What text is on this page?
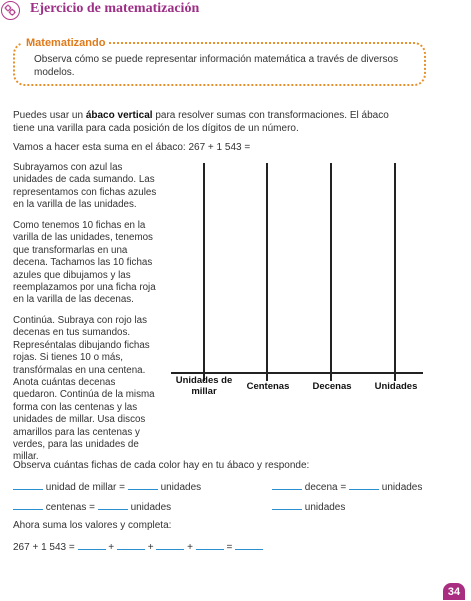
Ejercicio de matematización
Matematizando
Observa cómo se puede representar información matemática a través de diversos modelos.
Puedes usar un ábaco vertical para resolver sumas con transformaciones. El ábaco tiene una varilla para cada posición de los dígitos de un número.
Vamos a hacer esta suma en el ábaco: 267 + 1 543 =
Subrayamos con azul las unidades de cada sumando. Las representamos con fichas azules en la varilla de las unidades.
Como tenemos 10 fichas en la varilla de las unidades, tenemos que transformarlas en una decena. Tachamos las 10 fichas azules que dibujamos y las reemplazamos por una ficha roja en la varilla de las decenas.
Continúa. Subraya con rojo las decenas en tus sumandos. Represéntalas dibujando fichas rojas. Si tienes 10 o más, transfórmalas en una centena. Anota cuántas decenas quedaron. Continúa de la misma forma con las centenas y las unidades de millar. Usa discos amarillos para las centenas y verdes, para las unidades de millar.
Unidades de millar	Centenas	Decenas	Unidades
Observa cuántas fichas de cada color hay en tu ábaco y responde:
unidad de millar =	unidades	decena =	unidades
centenas =	unidades	unidades
Ahora suma los valores y completa:
267 + 1 543 =	+	+	+	=
34
